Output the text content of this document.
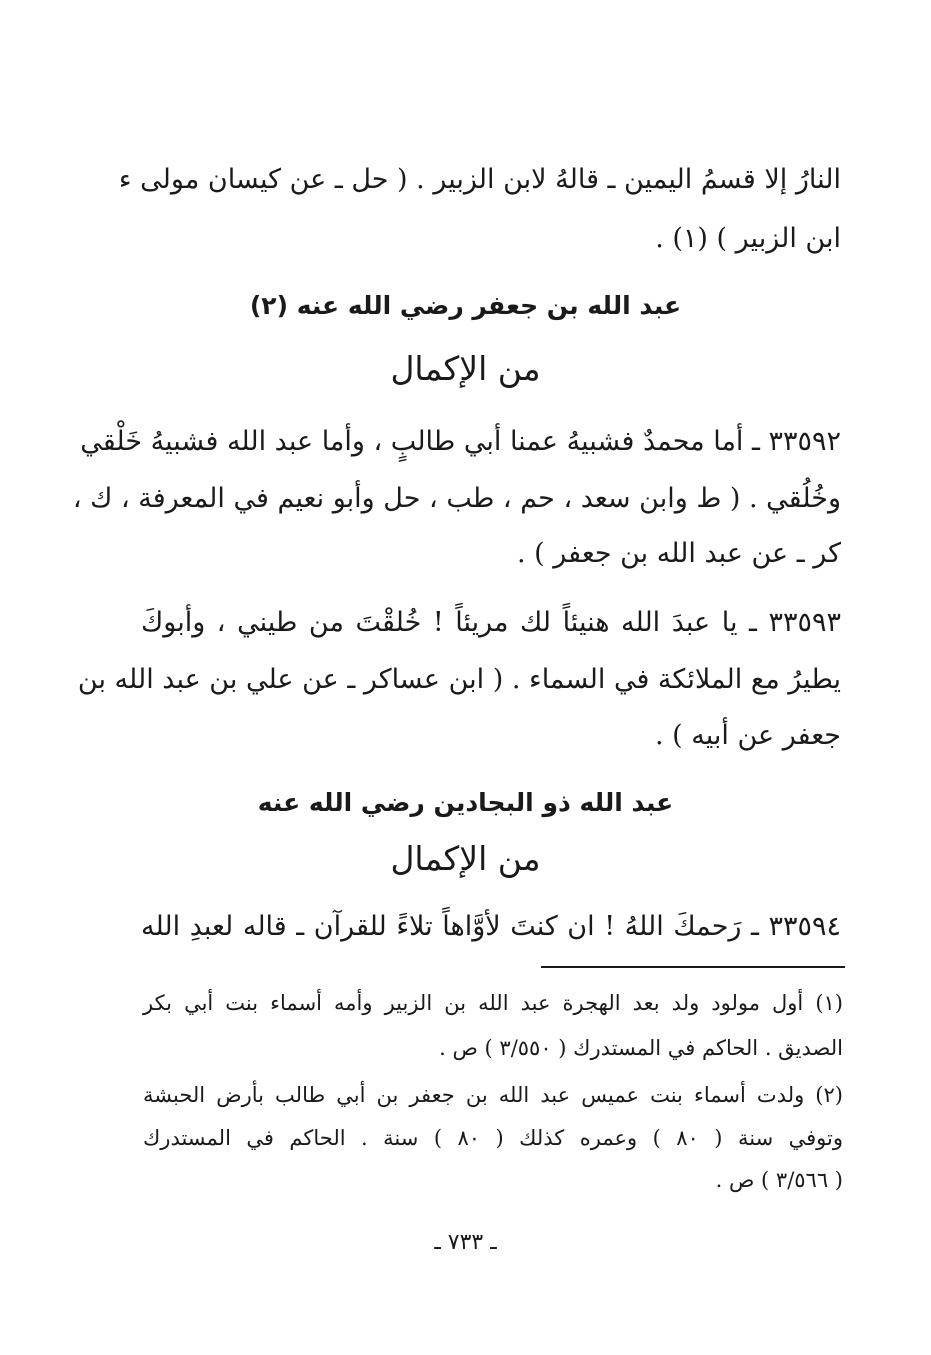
النارُ إلا قسمُ اليمين ـ قالهُ لابن الزبير . ( حل ـ عن كيسان مولى ء
ابن الزبير ) (١) .
عبد الله بن جعفر رضي الله عنه (٢)
من الإكمال
٣٣٥٩٢ ـ أما محمدٌ فشبيهُ عمنا أبي طالبٍ ، وأما عبد الله فشبيهُ خَلْقي
وخُلُقي . ( ط وابن سعد ، حم ، طب ، حل وأبو نعيم في المعرفة ، ك ،
كر ـ عن عبد الله بن جعفر ) .
٣٣٥٩٣ ـ يا عبدَ الله هنيئاً لك مريئاً ! خُلقْتَ من طيني ، وأبوكَ
يطيرُ مع الملائكة في السماء . ( ابن عساكر ـ عن علي بن عبد الله بن
جعفر عن أبيه ) .
عبد الله ذو البجادين رضي الله عنه
من الإكمال
٣٣٥٩٤ ـ رَحمكَ اللهُ ! ان كنتَ لأوَّاهاً تلاءً للقرآن ـ قاله لعبدِ الله
(١) أول مولود ولد بعد الهجرة عبد الله بن الزبير وأمه أسماء بنت أبي بكر
الصديق . الحاكم في المستدرك ( ٣/٥٥٠ ) ص .
(٢) ولدت أسماء بنت عميس عبد الله بن جعفر بن أبي طالب بأرض الحبشة
وتوفي سنة ( ٨٠ ) وعمره كذلك ( ٨٠ ) سنة . الحاكم في المستدرك
( ٣/٥٦٦ ) ص .
ـ ٧٣٣ ـ
